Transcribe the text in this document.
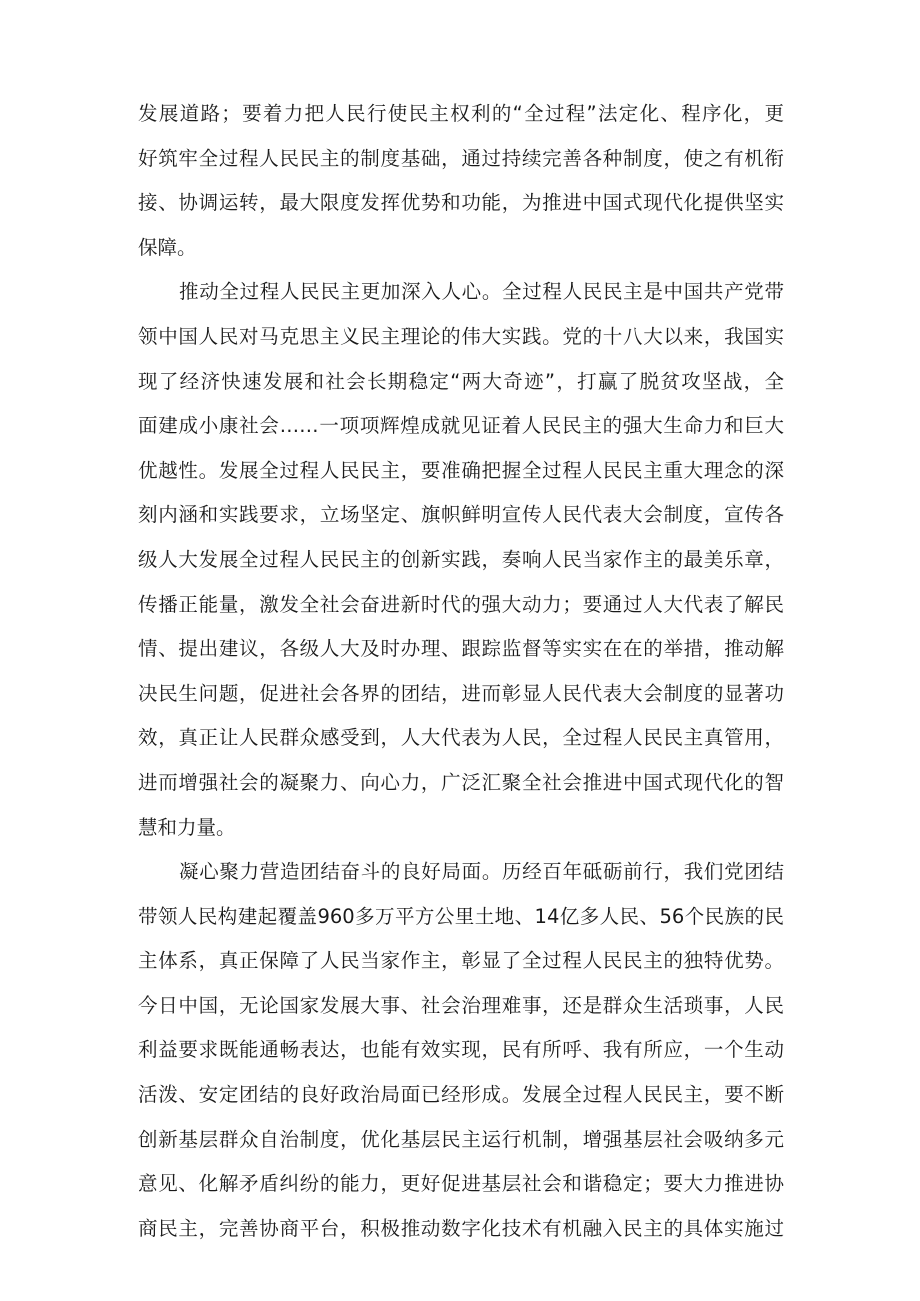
发展道路；要着力把人民行使民主权利的“全过程”法定化、程序化，更
好筑牢全过程人民民主的制度基础，通过持续完善各种制度，使之有机衔
接、协调运转，最大限度发挥优势和功能，为推进中国式现代化提供坚实
保障。
推动全过程人民民主更加深入人心。全过程人民民主是中国共产党带
领中国人民对马克思主义民主理论的伟大实践。党的十八大以来，我国实
现了经济快速发展和社会长期稳定“两大奇迹”，打赢了脱贫攻坚战，全
面建成小康社会……一项项辉煌成就见证着人民民主的强大生命力和巨大
优越性。发展全过程人民民主，要准确把握全过程人民民主重大理念的深
刻内涵和实践要求，立场坚定、旗帜鲜明宣传人民代表大会制度，宣传各
级人大发展全过程人民民主的创新实践，奏响人民当家作主的最美乐章，
传播正能量，激发全社会奋进新时代的强大动力；要通过人大代表了解民
情、提出建议，各级人大及时办理、跟踪监督等实实在在的举措，推动解
决民生问题，促进社会各界的团结，进而彰显人民代表大会制度的显著功
效，真正让人民群众感受到，人大代表为人民，全过程人民民主真管用，
进而增强社会的凝聚力、向心力，广泛汇聚全社会推进中国式现代化的智
慧和力量。
凝心聚力营造团结奋斗的良好局面。历经百年砥砺前行，我们党团结
带领人民构建起覆盖960多万平方公里土地、14亿多人民、56个民族的民
主体系，真正保障了人民当家作主，彰显了全过程人民民主的独特优势。
今日中国，无论国家发展大事、社会治理难事，还是群众生活琐事，人民
利益要求既能通畅表达，也能有效实现，民有所呼、我有所应，一个生动
活泼、安定团结的良好政治局面已经形成。发展全过程人民民主，要不断
创新基层群众自治制度，优化基层民主运行机制，增强基层社会吸纳多元
意见、化解矛盾纠纷的能力，更好促进基层社会和谐稳定；要大力推进协
商民主，完善协商平台，积极推动数字化技术有机融入民主的具体实施过
